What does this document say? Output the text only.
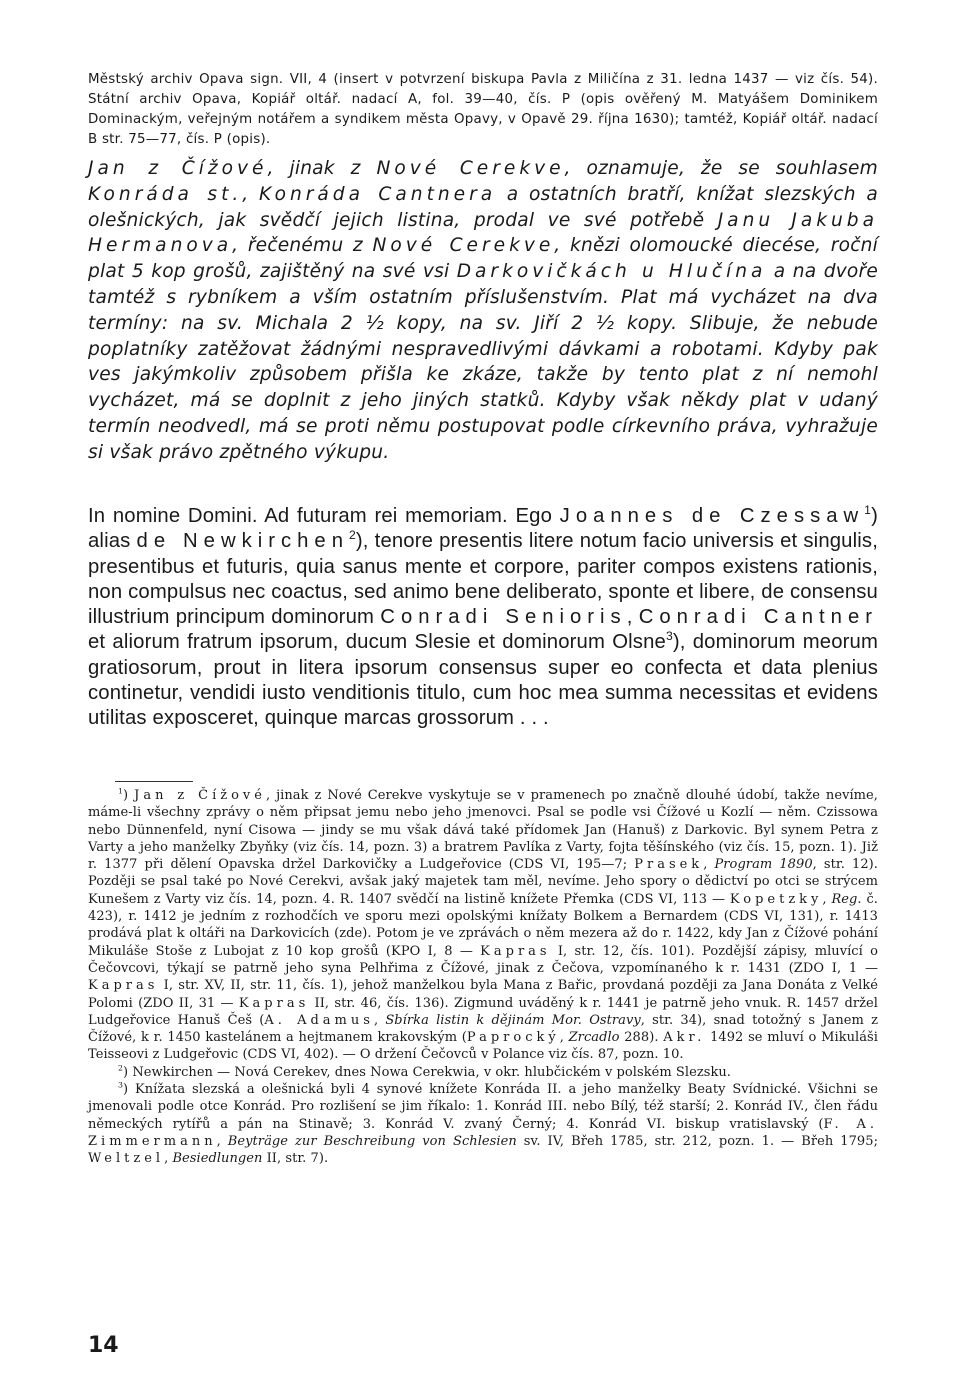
Městský archiv Opava sign. VII, 4 (insert v potvrzení biskupa Pavla z Miličína z 31. ledna 1437 — viz čís. 54). Státní archiv Opava, Kopiář oltář. nadací A, fol. 39—40, čís. P (opis ověřený M. Matyášem Dominikem Dominackým, veřejným notářem a syndikem města Opavy, v Opavě 29. října 1630); tamtéž, Kopiář oltář. nadací B str. 75—77, čís. P (opis).

Jan z Čížové, jinak z Nové Cerekve, oznamuje, že se souhlasem Konráda st., Konráda Cantnera a ostatních bratří, knížat slezských a olešnických, jak svědčí jejich listina, prodal ve své potřebě Janu Jakuba Hermanova, řečenému z Nové Cerekve, knězi olomoucké diecése, roční plat 5 kop grošů, zajištěný na své vsi Darkovičkách u Hlučína a na dvoře tamtéž s rybníkem a vším ostatním příslušenstvím. Plat má vycházet na dva termíny: na sv. Michala 2 ½ kopy, na sv. Jiří 2 ½ kopy. Slibuje, že nebude poplatníky zatěžovat žádnými nespravedlivými dávkami a robotami. Kdyby pak ves jakýmkoliv způsobem přišla ke zkáze, takže by tento plat z ní nemohl vycházet, má se doplnit z jeho jiných statků. Kdyby však někdy plat v udaný termín neodvedl, má se proti němu postupovat podle církevního práva, vyhražuje si však právo zpětného výkupu.

In nomine Domini. Ad futuram rei memoriam. Ego Joannes de Czessaw$^1$) alias de Newkirchen$^2$), tenore presentis litere notum facio universis et singulis, presentibus et futuris, quia sanus mente et corpore, pariter compos existens rationis, non compulsus nec coactus, sed animo bene deliberato, sponte et libere, de consensu illustrium principum dominorum Conradi Senioris, Conradi Cantner et aliorum fratrum ipsorum, ducum Slesie et dominorum Olsne$^3$), dominorum meorum gratiosorum, prout in litera ipsorum consensus super eo confecta et data plenius continetur, vendidi iusto venditionis titulo, cum hoc mea summa necessitas et evidens utilitas exposceret, quinque marcas grossorum . . .

$^1$) Jan z Čížové, jinak z Nové Cerekve vyskytuje se v pramenech po značně dlouhé údobí, takže nevíme, máme-li všechny zprávy o něm připsat jemu nebo jeho jmenovci. Psal se podle vsi Čížové u Kozlí — něm. Czissowa nebo Dünnenfeld, nyní Cisowa — jindy se mu však dává také přídomek Jan (Hanuš) z Darkovic. Byl synem Petra z Varty a jeho manželky Zbyňky (viz čís. 14, pozn. 3) a bratrem Pavlíka z Varty, fojta těšínského (viz čís. 15, pozn. 1). Již r. 1377 při dělení Opavska držel Darkovičky a Ludgeřovice (CDS VI, 195—7; Prasek, Program 1890, str. 12). Později se psal také po Nové Cerekvi, avšak jaký majetek tam měl, nevíme. Jeho spory o dědictví po otci se strýcem Kunešem z Varty viz čís. 14, pozn. 4. R. 1407 svědčí na listině knížete Přemka (CDS VI, 113 — Kopetzky, Reg. č. 423), r. 1412 je jedním z rozhodčích ve sporu mezi opolskými knížaty Bolkem a Bernardem (CDS VI, 131), r. 1413 prodává plat k oltáři na Darkovicích (zde). Potom je ve zprávách o něm mezera až do r. 1422, kdy Jan z Čížové pohání Mikuláše Stoše z Lubojat z 10 kop grošů (KPO I, 8 — Kapras I, str. 12, čís. 101). Pozdější zápisy, mluvící o Čečovcovi, týkají se patrně jeho syna Pelhřima z Čížové, jinak z Čečova, vzpomínaného k r. 1431 (ZDO I, 1 — Kapras I, str. XV, II, str. 11, čís. 1), jehož manželkou byla Mana z Bařic, provdaná později za Jana Donáta z Velké Polomi (ZDO II, 31 — Kapras II, str. 46, čís. 136). Zigmund uváděný k r. 1441 je patrně jeho vnuk. R. 1457 držel Ludgeřovice Hanuš Češ (A. Adamus, Sbírka listin k dějinám Mor. Ostravy, str. 34), snad totožný s Janem z Čížové, k r. 1450 kastelánem a hejtmanem krakovským (Paprocký, Zrcadlo 288). Akr. 1492 se mluví o Mikuláši Teisseovi z Ludgeřovic (CDS VI, 402). — O držení Čečovců v Polance viz čís. 87, pozn. 10.

$^2$) Newkirchen — Nová Cerekev, dnes Nowa Cerekwia, v okr. hlubčickém v polském Slezsku.

$^3$) Knížata slezská a olešnická byli 4 synové knížete Konráda II. a jeho manželky Beaty Svídnické. Všichni se jmenovali podle otce Konrád. Pro rozlišení se jim říkalo: 1. Konrád III. nebo Bílý, též starší; 2. Konrád IV., člen řádu německých rytířů a pán na Stinavě; 3. Konrád V. zvaný Černý; 4. Konrád VI. biskup vratislavský (F. A. Zimmermann, Beyträge zur Beschreibung von Schlesien sv. IV, Břeh 1785, str. 212, pozn. 1. — Břeh 1795; Weltzel, Besiedlungen II, str. 7).

14
